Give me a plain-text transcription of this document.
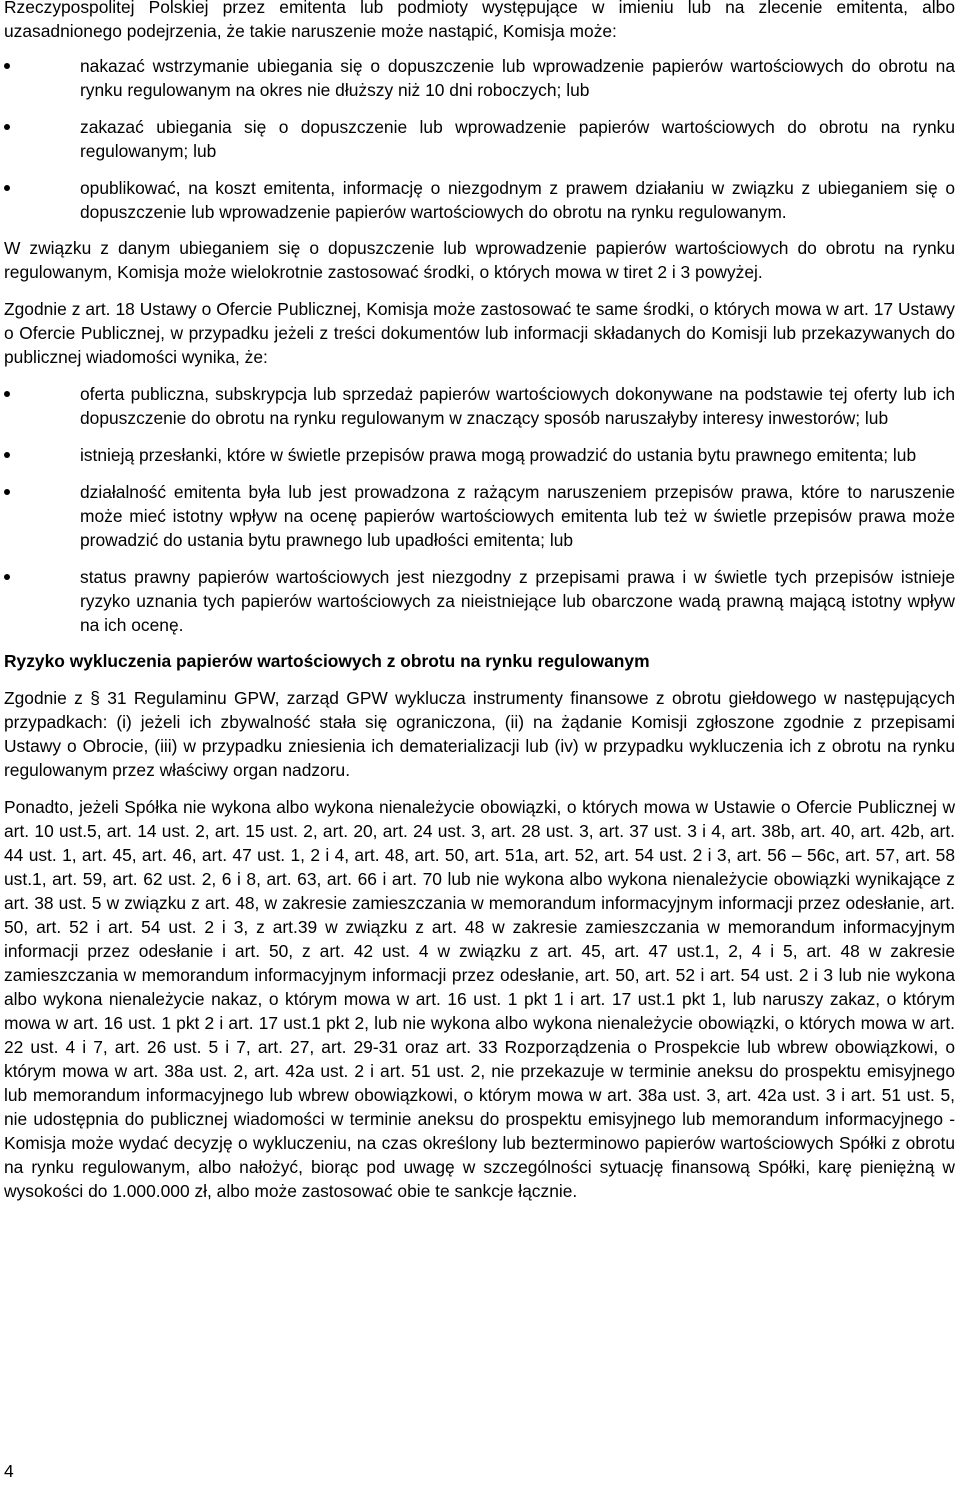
Rzeczypospolitej Polskiej przez emitenta lub podmioty występujące w imieniu lub na zlecenie emitenta, albo uzasadnionego podejrzenia, że takie naruszenie może nastąpić, Komisja może:

nakazać wstrzymanie ubiegania się o dopuszczenie lub wprowadzenie papierów wartościowych do obrotu na rynku regulowanym na okres nie dłuższy niż 10 dni roboczych; lub
zakazać ubiegania się o dopuszczenie lub wprowadzenie papierów wartościowych do obrotu na rynku regulowanym; lub
opublikować, na koszt emitenta, informację o niezgodnym z prawem działaniu w związku z ubieganiem się o dopuszczenie lub wprowadzenie papierów wartościowych do obrotu na rynku regulowanym.

W związku z danym ubieganiem się o dopuszczenie lub wprowadzenie papierów wartościowych do obrotu na rynku regulowanym, Komisja może wielokrotnie zastosować środki, o których mowa w tiret 2 i 3 powyżej.

Zgodnie z art. 18 Ustawy o Ofercie Publicznej, Komisja może zastosować te same środki, o których mowa w art. 17 Ustawy o Ofercie Publicznej, w przypadku jeżeli z treści dokumentów lub informacji składanych do Komisji lub przekazywanych do publicznej wiadomości wynika, że:

oferta publiczna, subskrypcja lub sprzedaż papierów wartościowych dokonywane na podstawie tej oferty lub ich dopuszczenie do obrotu na rynku regulowanym w znaczący sposób naruszałyby interesy inwestorów; lub
istnieją przesłanki, które w świetle przepisów prawa mogą prowadzić do ustania bytu prawnego emitenta; lub
działalność emitenta była lub jest prowadzona z rażącym naruszeniem przepisów prawa, które to naruszenie może mieć istotny wpływ na ocenę papierów wartościowych emitenta lub też w świetle przepisów prawa może prowadzić do ustania bytu prawnego lub upadłości emitenta; lub
status prawny papierów wartościowych jest niezgodny z przepisami prawa i w świetle tych przepisów istnieje ryzyko uznania tych papierów wartościowych za nieistniejące lub obarczone wadą prawną mającą istotny wpływ na ich ocenę.

Ryzyko wykluczenia papierów wartościowych z obrotu na rynku regulowanym

Zgodnie z § 31 Regulaminu GPW, zarząd GPW wyklucza instrumenty finansowe z obrotu giełdowego w następujących przypadkach: (i) jeżeli ich zbywalność stała się ograniczona, (ii) na żądanie Komisji zgłoszone zgodnie z przepisami Ustawy o Obrocie, (iii) w przypadku zniesienia ich dematerializacji lub (iv) w przypadku wykluczenia ich z obrotu na rynku regulowanym przez właściwy organ nadzoru.

Ponadto, jeżeli Spółka nie wykona albo wykona nienależycie obowiązki, o których mowa w Ustawie o Ofercie Publicznej w art. 10 ust.5, art. 14 ust. 2, art. 15 ust. 2, art. 20, art. 24 ust. 3, art. 28 ust. 3, art. 37 ust. 3 i 4, art. 38b, art. 40, art. 42b, art. 44 ust. 1, art. 45, art. 46, art. 47 ust. 1, 2 i 4, art. 48, art. 50, art. 51a, art. 52, art. 54 ust. 2 i 3, art. 56 – 56c, art. 57, art. 58 ust.1, art. 59, art. 62 ust. 2, 6 i 8, art. 63, art. 66 i art. 70 lub nie wykona albo wykona nienależycie obowiązki wynikające z art. 38 ust. 5 w związku z art. 48, w zakresie zamieszczania w memorandum informacyjnym informacji przez odesłanie, art. 50, art. 52 i art. 54 ust. 2 i 3, z art.39 w związku z art. 48 w zakresie zamieszczania w memorandum informacyjnym informacji przez odesłanie i art. 50, z art. 42 ust. 4 w związku z art. 45, art. 47 ust.1, 2, 4 i 5, art. 48 w zakresie zamieszczania w memorandum informacyjnym informacji przez odesłanie, art. 50, art. 52 i art. 54 ust. 2 i 3 lub nie wykona albo wykona nienależycie nakaz, o którym mowa w art. 16 ust. 1 pkt 1 i art. 17 ust.1 pkt 1, lub naruszy zakaz, o którym mowa w art. 16 ust. 1 pkt 2 i art. 17 ust.1 pkt 2, lub nie wykona albo wykona nienależycie obowiązki, o których mowa w art. 22 ust. 4 i 7, art. 26 ust. 5 i 7, art. 27, art. 29-31 oraz art. 33 Rozporządzenia o Prospekcie lub wbrew obowiązkowi, o którym mowa w art. 38a ust. 2, art. 42a ust. 2 i art. 51 ust. 2, nie przekazuje w terminie aneksu do prospektu emisyjnego lub memorandum informacyjnego lub wbrew obowiązkowi, o którym mowa w art. 38a ust. 3, art. 42a ust. 3 i art. 51 ust. 5, nie udostępnia do publicznej wiadomości w terminie aneksu do prospektu emisyjnego lub memorandum informacyjnego - Komisja może wydać decyzję o wykluczeniu, na czas określony lub bezterminowo papierów wartościowych Spółki z obrotu na rynku regulowanym, albo nałożyć, biorąc pod uwagę w szczególności sytuację finansową Spółki, karę pieniężną w wysokości do 1.000.000 zł, albo może zastosować obie te sankcje łącznie.

4
